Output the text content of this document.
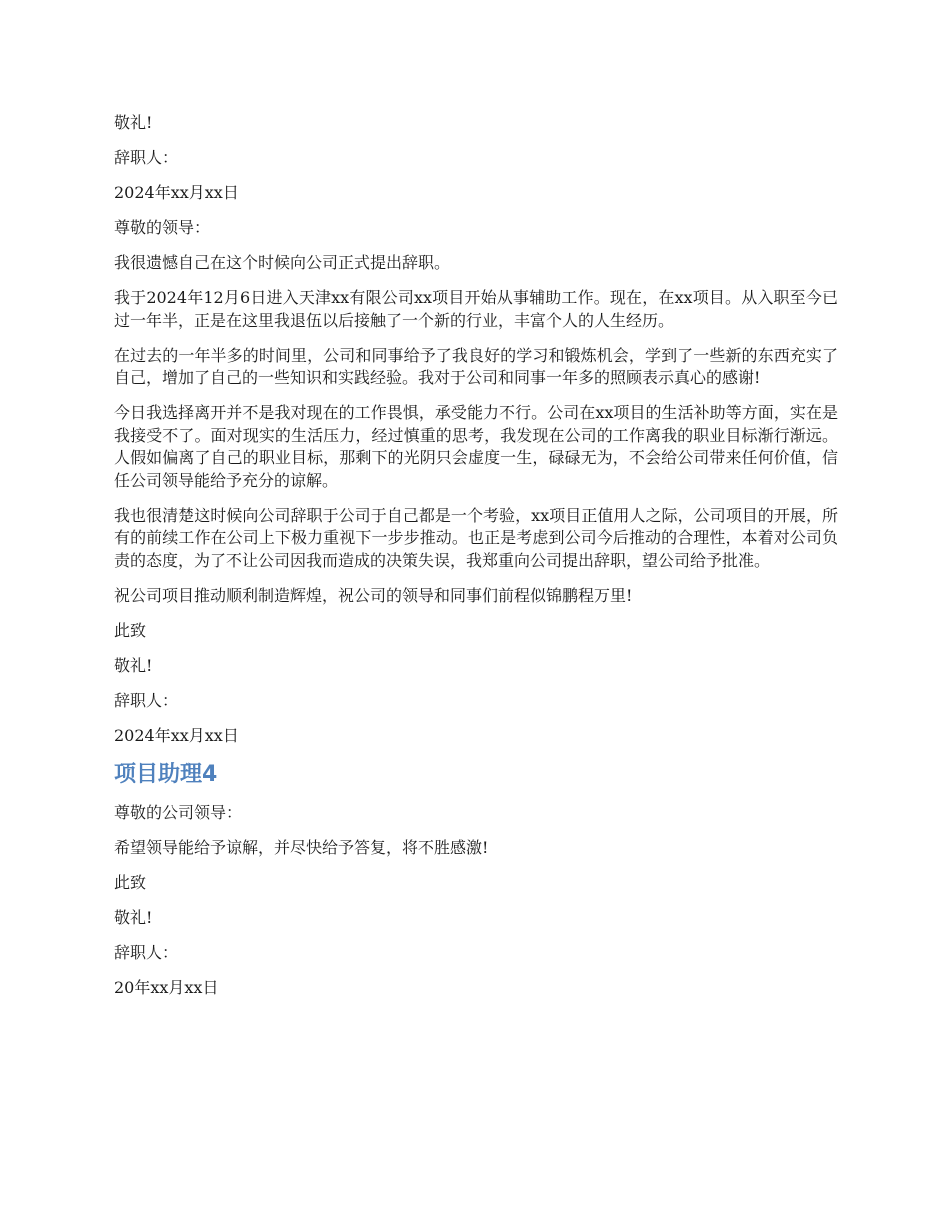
敬礼!

辞职人：

2024年xx月xx日

尊敬的领导：

我很遗憾自己在这个时候向公司正式提出辞职。

我于2024年12月6日进入天津xx有限公司xx项目开始从事辅助工作。现在，在xx项目。从入职至今已过一年半，正是在这里我退伍以后接触了一个新的行业，丰富个人的人生经历。

在过去的一年半多的时间里，公司和同事给予了我良好的学习和锻炼机会，学到了一些新的东西充实了自己，增加了自己的一些知识和实践经验。我对于公司和同事一年多的照顾表示真心的感谢!

今日我选择离开并不是我对现在的工作畏惧，承受能力不行。公司在xx项目的生活补助等方面，实在是我接受不了。面对现实的生活压力，经过慎重的思考，我发现在公司的工作离我的职业目标渐行渐远。人假如偏离了自己的职业目标，那剩下的光阴只会虚度一生，碌碌无为，不会给公司带来任何价值，信任公司领导能给予充分的谅解。

我也很清楚这时候向公司辞职于公司于自己都是一个考验，xx项目正值用人之际，公司项目的开展，所有的前续工作在公司上下极力重视下一步步推动。也正是考虑到公司今后推动的合理性，本着对公司负责的态度，为了不让公司因我而造成的决策失误，我郑重向公司提出辞职，望公司给予批准。

祝公司项目推动顺利制造辉煌，祝公司的领导和同事们前程似锦鹏程万里!

此致

敬礼!

辞职人：

2024年xx月xx日

项目助理4

尊敬的公司领导：

希望领导能给予谅解，并尽快给予答复，将不胜感激!

此致

敬礼!

辞职人：

20年xx月xx日
